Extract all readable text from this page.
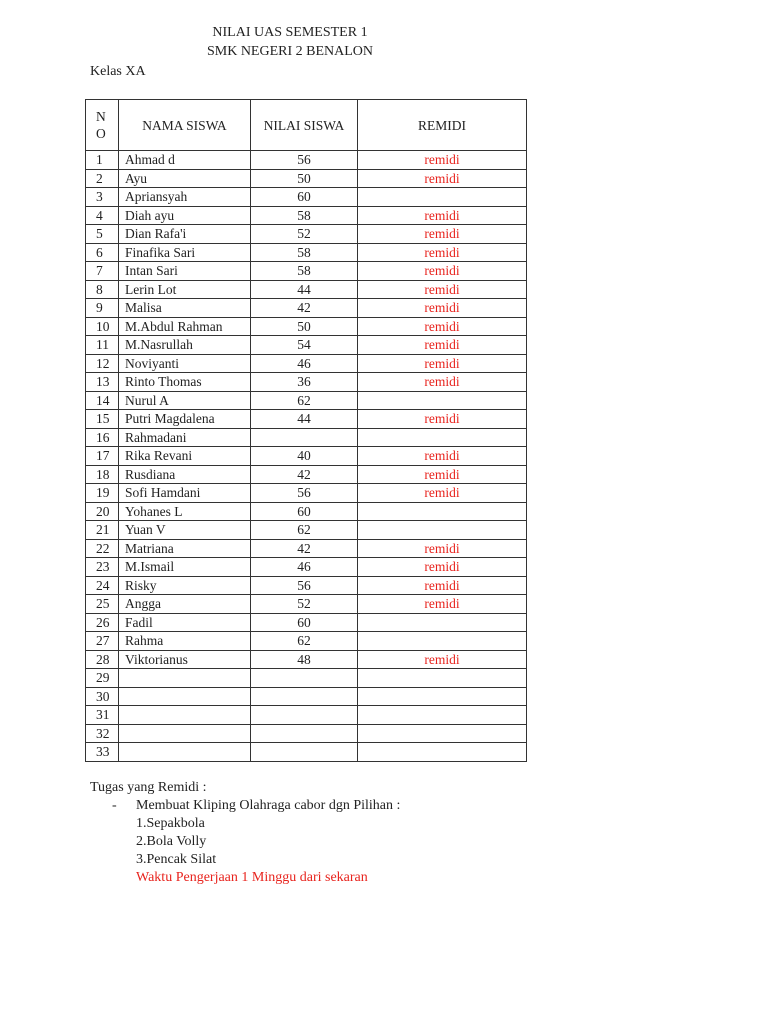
NILAI UAS SEMESTER 1
SMK NEGERI 2 BENALON
Kelas XA
N O	NAMA SISWA	NILAI SISWA	REMIDI
1	Ahmad d	56	remidi
2	Ayu	50	remidi
3	Apriansyah	60	
4	Diah ayu	58	remidi
5	Dian Rafa'i	52	remidi
6	Finafika Sari	58	remidi
7	Intan Sari	58	remidi
8	Lerin Lot	44	remidi
9	Malisa	42	remidi
10	M.Abdul Rahman	50	remidi
11	M.Nasrullah	54	remidi
12	Noviyanti	46	remidi
13	Rinto Thomas	36	remidi
14	Nurul A	62	
15	Putri Magdalena	44	remidi
16	Rahmadani		
17	Rika Revani	40	remidi
18	Rusdiana	42	remidi
19	Sofi Hamdani	56	remidi
20	Yohanes L	60	
21	Yuan V	62	
22	Matriana	42	remidi
23	M.Ismail	46	remidi
24	Risky	56	remidi
25	Angga	52	remidi
26	Fadil	60	
27	Rahma	62	
28	Viktorianus	48	remidi
29			
30			
31			
32			
33			
Tugas yang Remidi :
- Membuat Kliping Olahraga cabor dgn Pilihan :
1.Sepakbola
2.Bola Volly
3.Pencak Silat
Waktu Pengerjaan 1 Minggu dari sekaran
